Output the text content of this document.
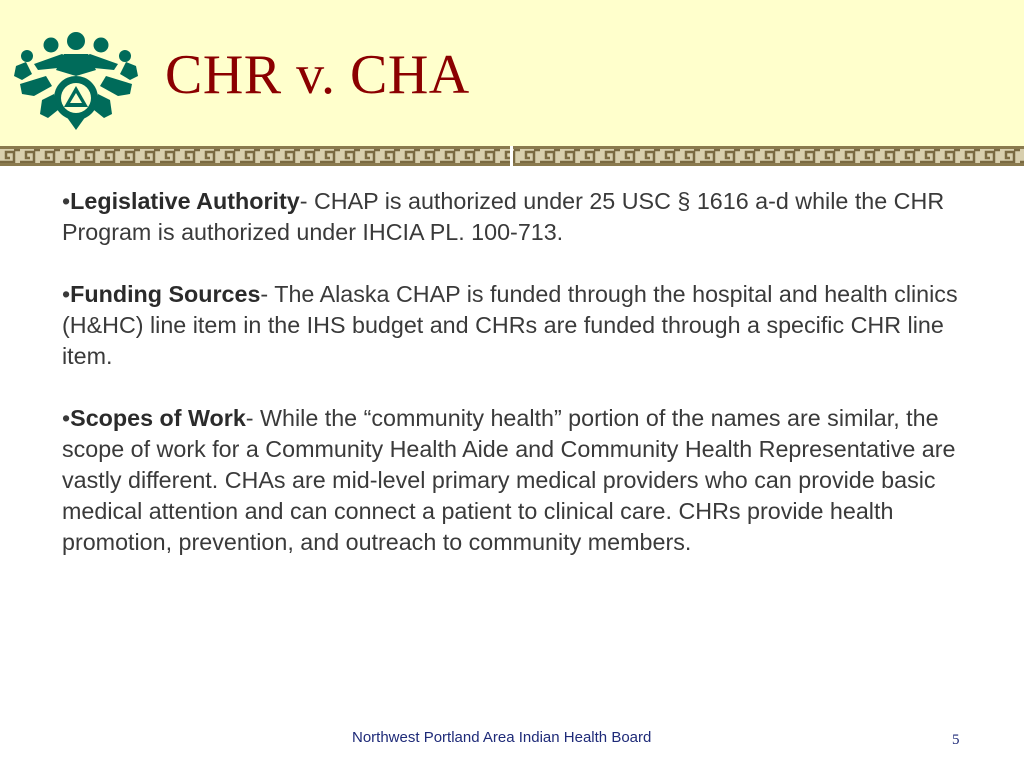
CHR v. CHA

•Legislative Authority- CHAP is authorized under 25 USC § 1616 a-d while the CHR Program is authorized under IHCIA PL. 100-713.

•Funding Sources- The Alaska CHAP is funded through the hospital and health clinics (H&HC) line item in the IHS budget and CHRs are funded through a specific CHR line item.

•Scopes of Work- While the “community health” portion of the names are similar, the scope of work for a Community Health Aide and Community Health Representative are vastly different. CHAs are mid-level primary medical providers who can provide basic medical attention and can connect a patient to clinical care. CHRs provide health promotion, prevention, and outreach to community members.

Northwest Portland Area Indian Health Board	5
